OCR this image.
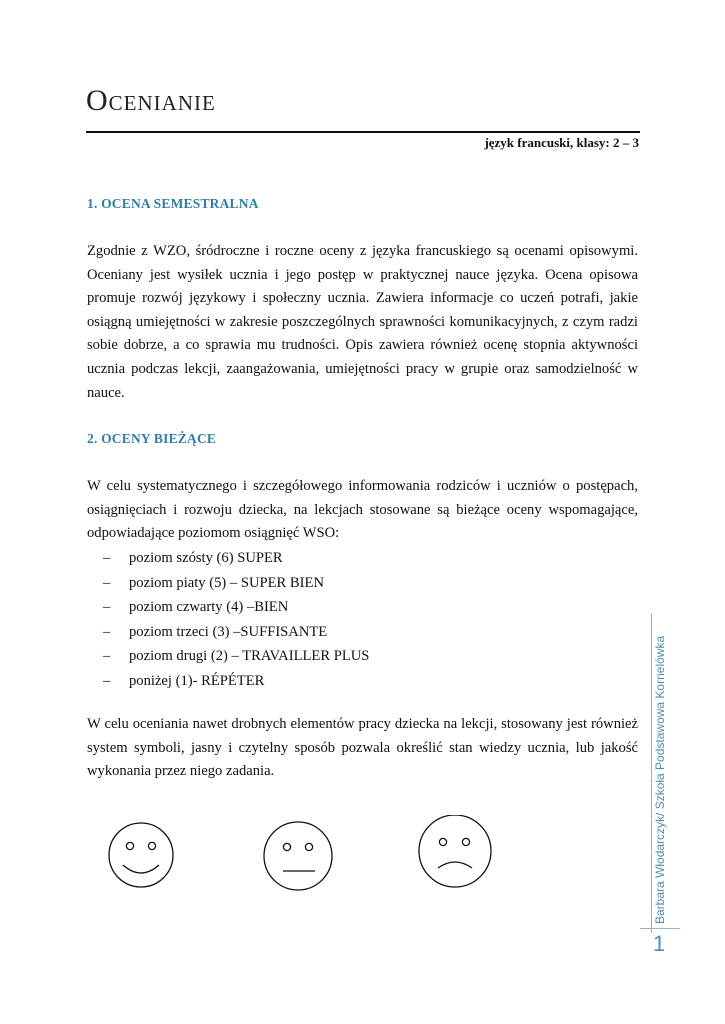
Ocenianie
język francuski, klasy: 2 – 3
1. OCENA SEMESTRALNA

Zgodnie z WZO, śródroczne i roczne oceny z języka francuskiego są ocenami opisowymi. Oceniany jest wysiłek ucznia i jego postęp w praktycznej nauce języka. Ocena opisowa promuje rozwój językowy i społeczny ucznia. Zawiera informacje co uczeń potrafi, jakie osiągną umiejętności w zakresie poszczególnych sprawności komunikacyjnych, z czym radzi sobie dobrze, a co sprawia mu trudności. Opis zawiera również ocenę stopnia aktywności ucznia podczas lekcji, zaangażowania, umiejętności pracy w grupie oraz samodzielność w nauce.

2. OCENY BIEŻĄCE

W celu systematycznego i szczegółowego informowania rodziców i uczniów o postępach, osiągnięciach i rozwoju dziecka, na lekcjach stosowane są bieżące oceny wspomagające, odpowiadające poziomom osiągnięć WSO:

– poziom szósty (6) SUPER
– poziom piaty (5) – SUPER BIEN
– poziom czwarty (4) –BIEN
– poziom trzeci (3) –SUFFISANTE
– poziom drugi (2) – TRAVAILLER PLUS
– poniżej (1)- RÉPÉTER

W celu oceniania nawet drobnych elementów pracy dziecka na lekcji, stosowany jest również system symboli, jasny i czytelny sposób pozwala określić stan wiedzy ucznia, lub jakość wykonania przez niego zadania.	Barbara Włodarczyk/ Szkoła Podstawowa Kornelówka
1
